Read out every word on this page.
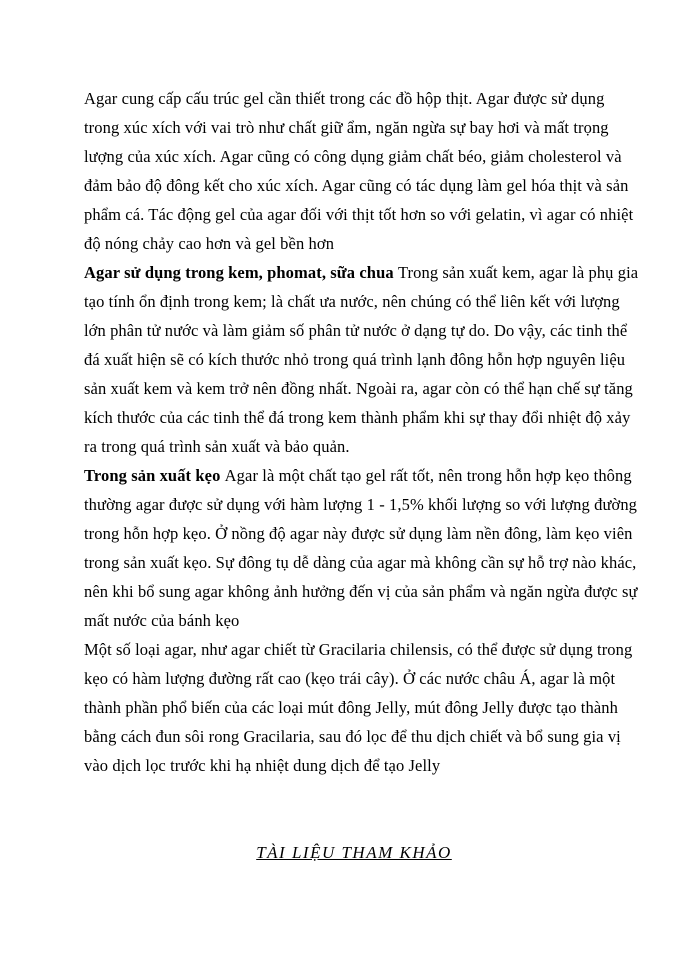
Agar cung cấp cấu trúc gel cần thiết trong các đồ hộp thịt. Agar được sử dụng
trong xúc xích với vai trò như chất giữ ẩm, ngăn ngừa sự bay hơi và mất trọng
lượng của xúc xích. Agar cũng có công dụng giảm chất béo, giảm cholesterol và
đảm bảo độ đông kết cho xúc xích. Agar cũng có tác dụng làm gel hóa thịt và sản
phẩm cá. Tác động gel của agar đối với thịt tốt hơn so với gelatin, vì agar có nhiệt
độ nóng chảy cao hơn và gel bền hơn
Agar sử dụng trong kem, phomat, sữa chua Trong sản xuất kem, agar là phụ gia
tạo tính ổn định trong kem; là chất ưa nước, nên chúng có thể liên kết với lượng
lớn phân tử nước và làm giảm số phân tử nước ở dạng tự do. Do vậy, các tinh thể
đá xuất hiện sẽ có kích thước nhỏ trong quá trình lạnh đông hỗn hợp nguyên liệu
sản xuất kem và kem trở nên đồng nhất. Ngoài ra, agar còn có thể hạn chế sự tăng
kích thước của các tinh thể đá trong kem thành phẩm khi sự thay đổi nhiệt độ xảy
ra trong quá trình sản xuất và bảo quản.
Trong sản xuất kẹo Agar là một chất tạo gel rất tốt, nên trong hỗn hợp kẹo thông
thường agar được sử dụng với hàm lượng 1 - 1,5% khối lượng so với lượng đường
trong hỗn hợp kẹo. Ở nồng độ agar này được sử dụng làm nền đông, làm kẹo viên
trong sản xuất kẹo. Sự đông tụ dễ dàng của agar mà không cần sự hỗ trợ nào khác,
nên khi bổ sung agar không ảnh hưởng đến vị của sản phẩm và ngăn ngừa được sự
mất nước của bánh kẹo
Một số loại agar, như agar chiết từ Gracilaria chilensis, có thể được sử dụng trong
kẹo có hàm lượng đường rất cao (kẹo trái cây). Ở các nước châu Á, agar là một
thành phần phổ biến của các loại mút đông Jelly, mút đông Jelly được tạo thành
bằng cách đun sôi rong Gracilaria, sau đó lọc để thu dịch chiết và bổ sung gia vị
vào dịch lọc trước khi hạ nhiệt dung dịch để tạo Jelly
TÀI LIỆU THAM KHẢO
